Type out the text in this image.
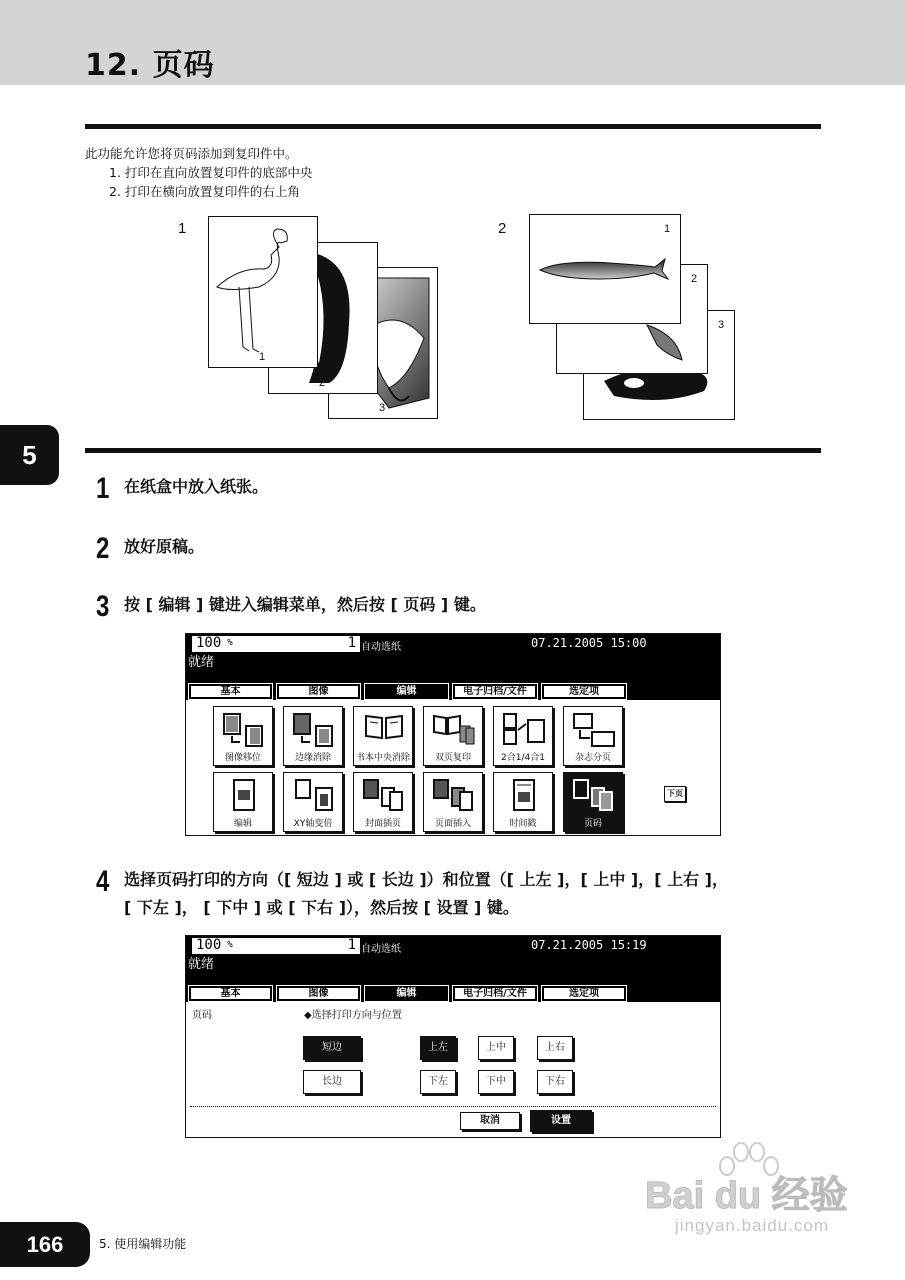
12. 页码
此功能允许您将页码添加到复印件中。
1. 打印在直向放置复印件的底部中央
2. 打印在横向放置复印件的右上角
1
3
2
1
2
3
2
1
5
1 在纸盒中放入纸张。
2 放好原稿。
3 按 [ 编辑 ] 键进入编辑菜单，然后按 [ 页码 ] 键。
100 %	1 自动选纸	07.21.2005 15:00
就绪
基本	图像	编辑	电子归档/文件	选定项
图像移位	边缘消除	书本中央消除	双页复印	2合1/4合1	杂志分页
编辑	XY轴变倍	封面插页	页面插入	时间戳	页码
下页
4 选择页码打印的方向（[ 短边 ] 或 [ 长边 ]）和位置（[ 上左 ]，[ 上中 ]，[ 上右 ]，
[ 下左 ]， [ 下中 ] 或 [ 下右 ]），然后按 [ 设置 ] 键。
100 %	1 自动选纸	07.21.2005 15:19
就绪
基本	图像	编辑	电子归档/文件	选定项
页码	◆选择打印方向与位置
短边
长边
上左	上中	上右
下左	下中	下右
取消	设置
166	5. 使用编辑功能
Bai du 经验
jingyan.baidu.com
